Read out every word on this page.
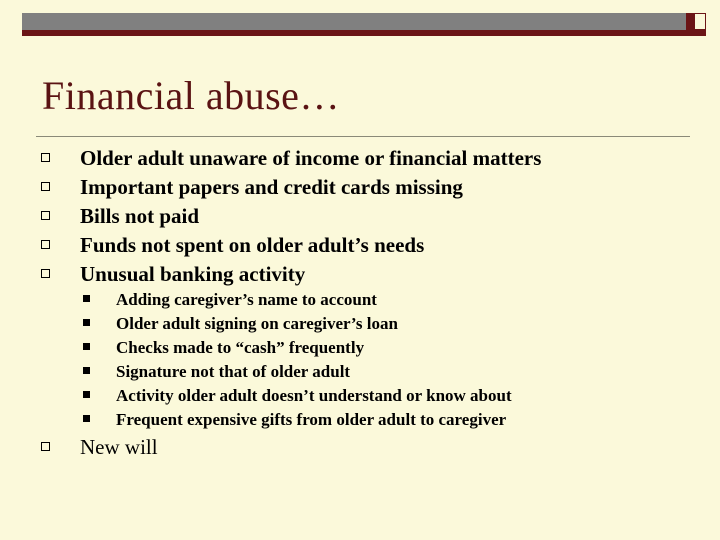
Financial abuse…
Older adult unaware of income or financial matters
Important papers and credit cards missing
Bills not paid
Funds not spent on older adult’s needs
Unusual banking activity
Adding caregiver’s name to account
Older adult signing on caregiver’s loan
Checks made to “cash” frequently
Signature not that of older adult
Activity older adult doesn’t understand or know about
Frequent expensive gifts from older adult to caregiver
New will
